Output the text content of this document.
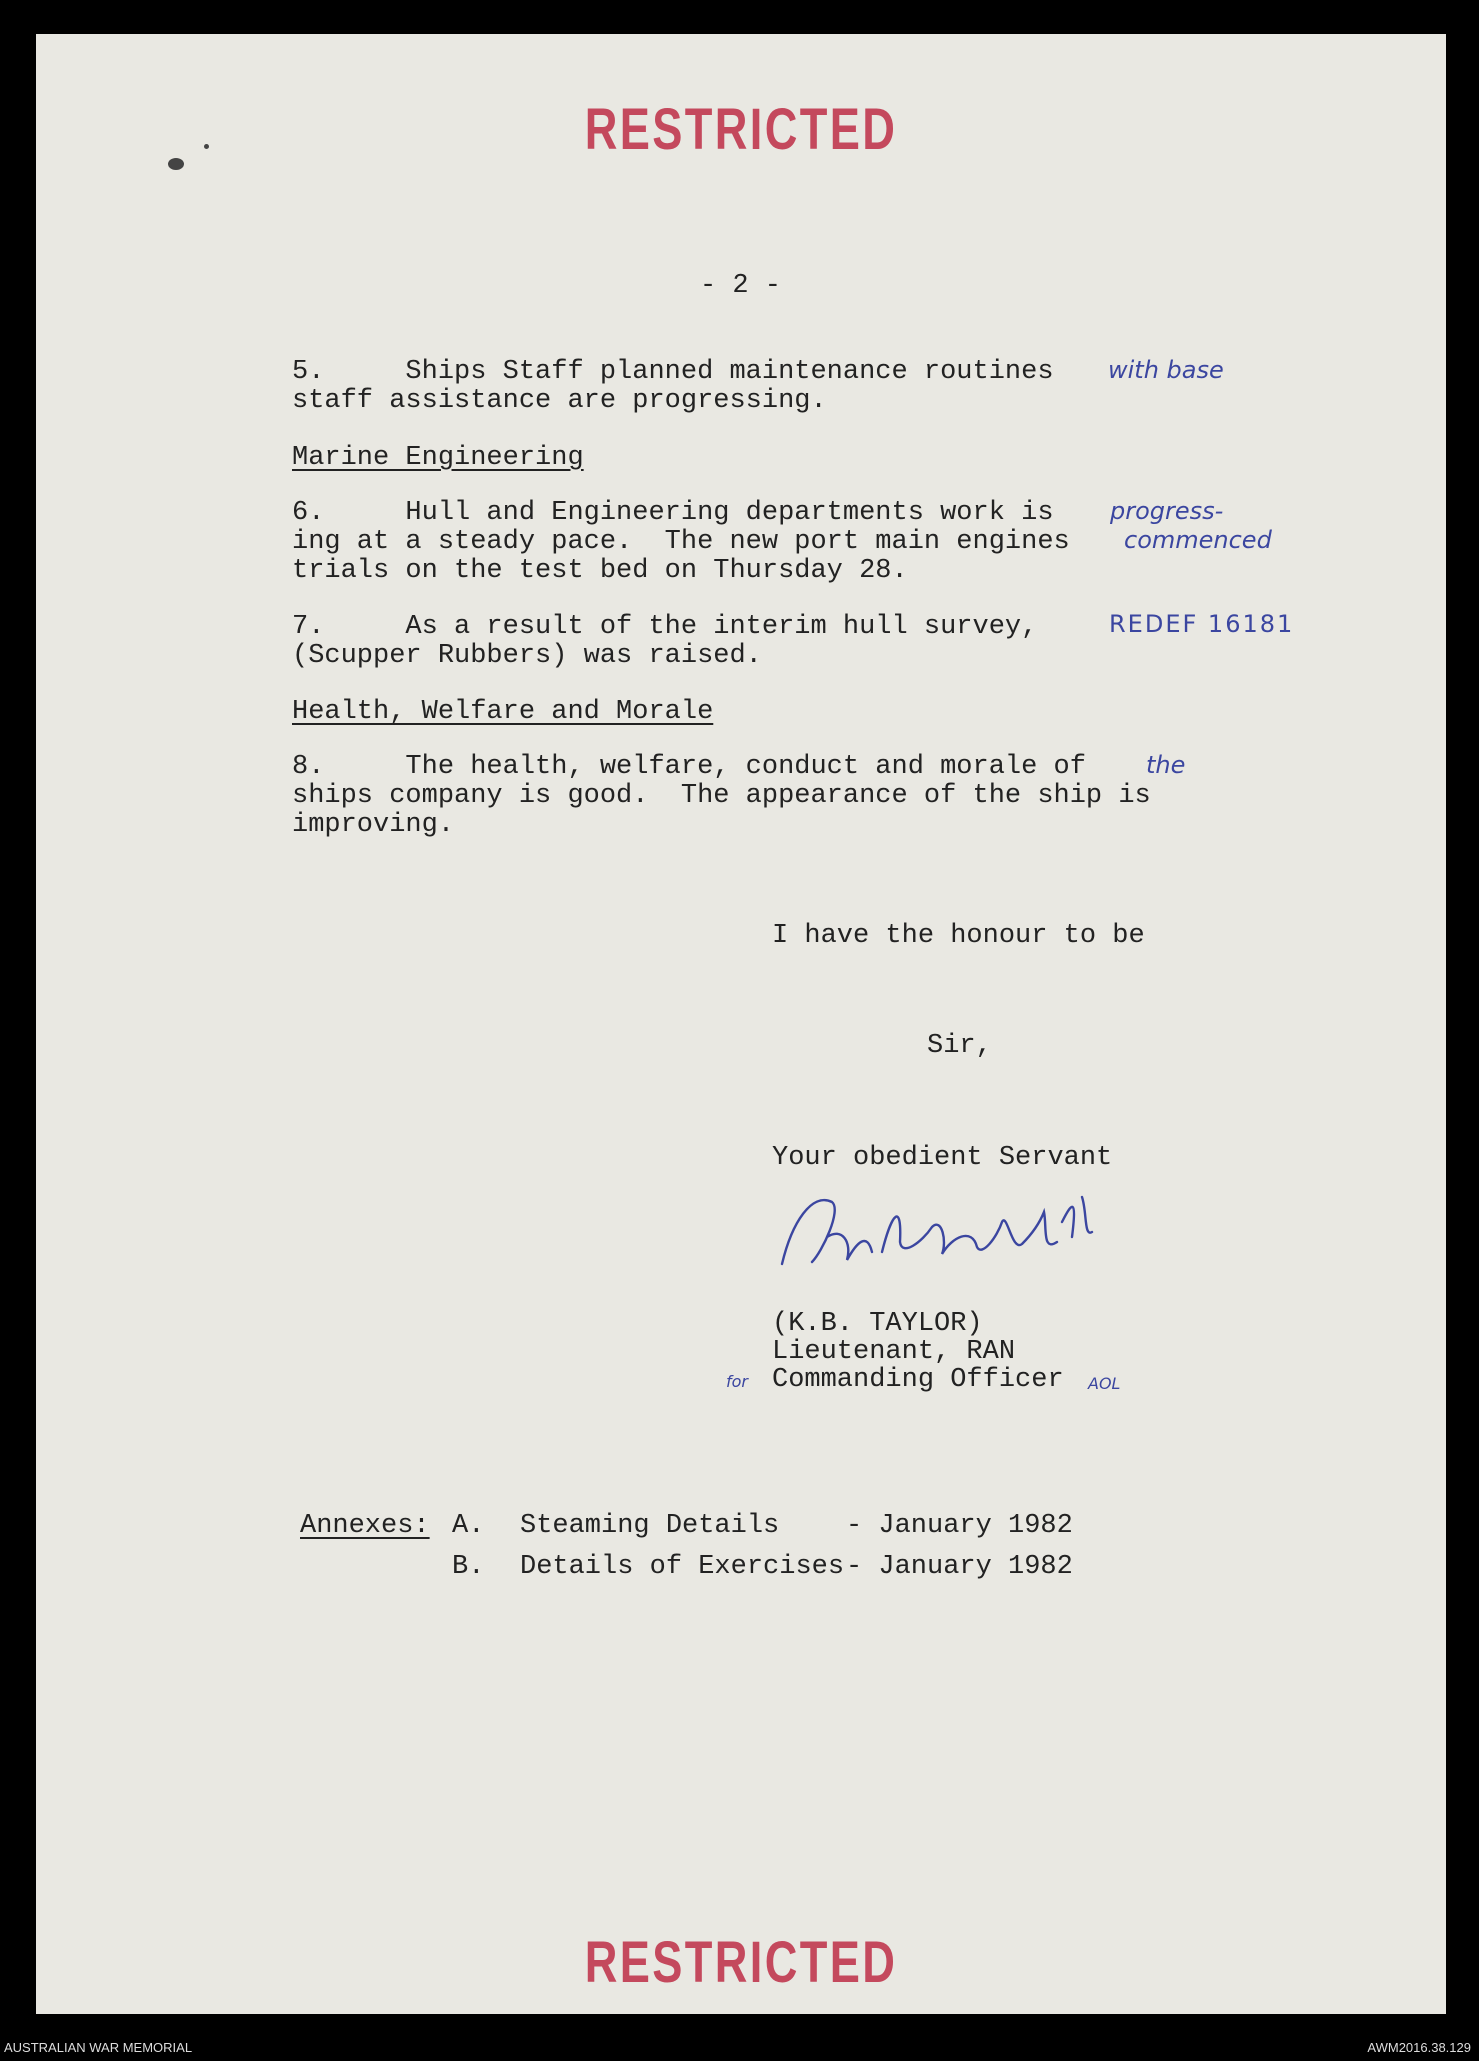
RESTRICTED
- 2 -
5.     Ships Staff planned maintenance routines with base
staff assistance are progressing.
Marine Engineering
6.     Hull and Engineering departments work is progress-
ing at a steady pace.  The new port main engines commenced
trials on the test bed on Thursday 28.
7.     As a result of the interim hull survey,	REDEF 16181
(Scupper Rubbers) was raised.
Health, Welfare and Morale
8.     The health, welfare, conduct and morale of	the
ships company is good.  The appearance of the ship is
improving.
I have the honour to be
Sir,
Your obedient Servant
(K.B. TAYLOR)
Lieutenant, RAN
for Commanding Officer AOL
Annexes: A. Steaming Details - January 1982
B. Details of Exercises - January 1982
RESTRICTED
AUSTRALIAN WAR MEMORIAL	AWM2016.38.129
